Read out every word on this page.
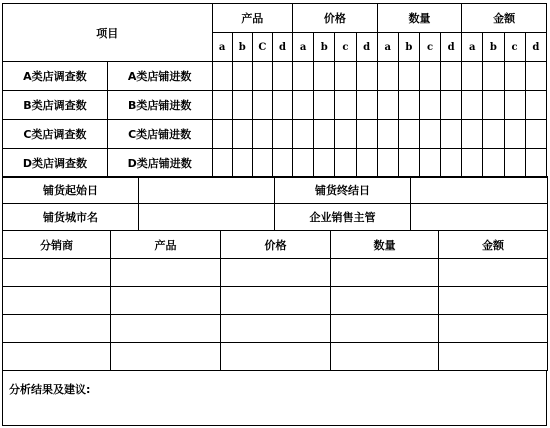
项目		产品				价格				数量				金额			
		a	b	C	d	a	b	c	d	a	b	c	d	a	b	c	d
A类店调查数	A类店铺进数																
B类店调查数	B类店铺进数																
C类店调查数	C类店铺进数																
D类店调查数	D类店铺进数																
铺货起始日		铺货终结日	
铺货城市名		企业销售主管	
分销商	产品	价格	数量	金额

分析结果及建议:
